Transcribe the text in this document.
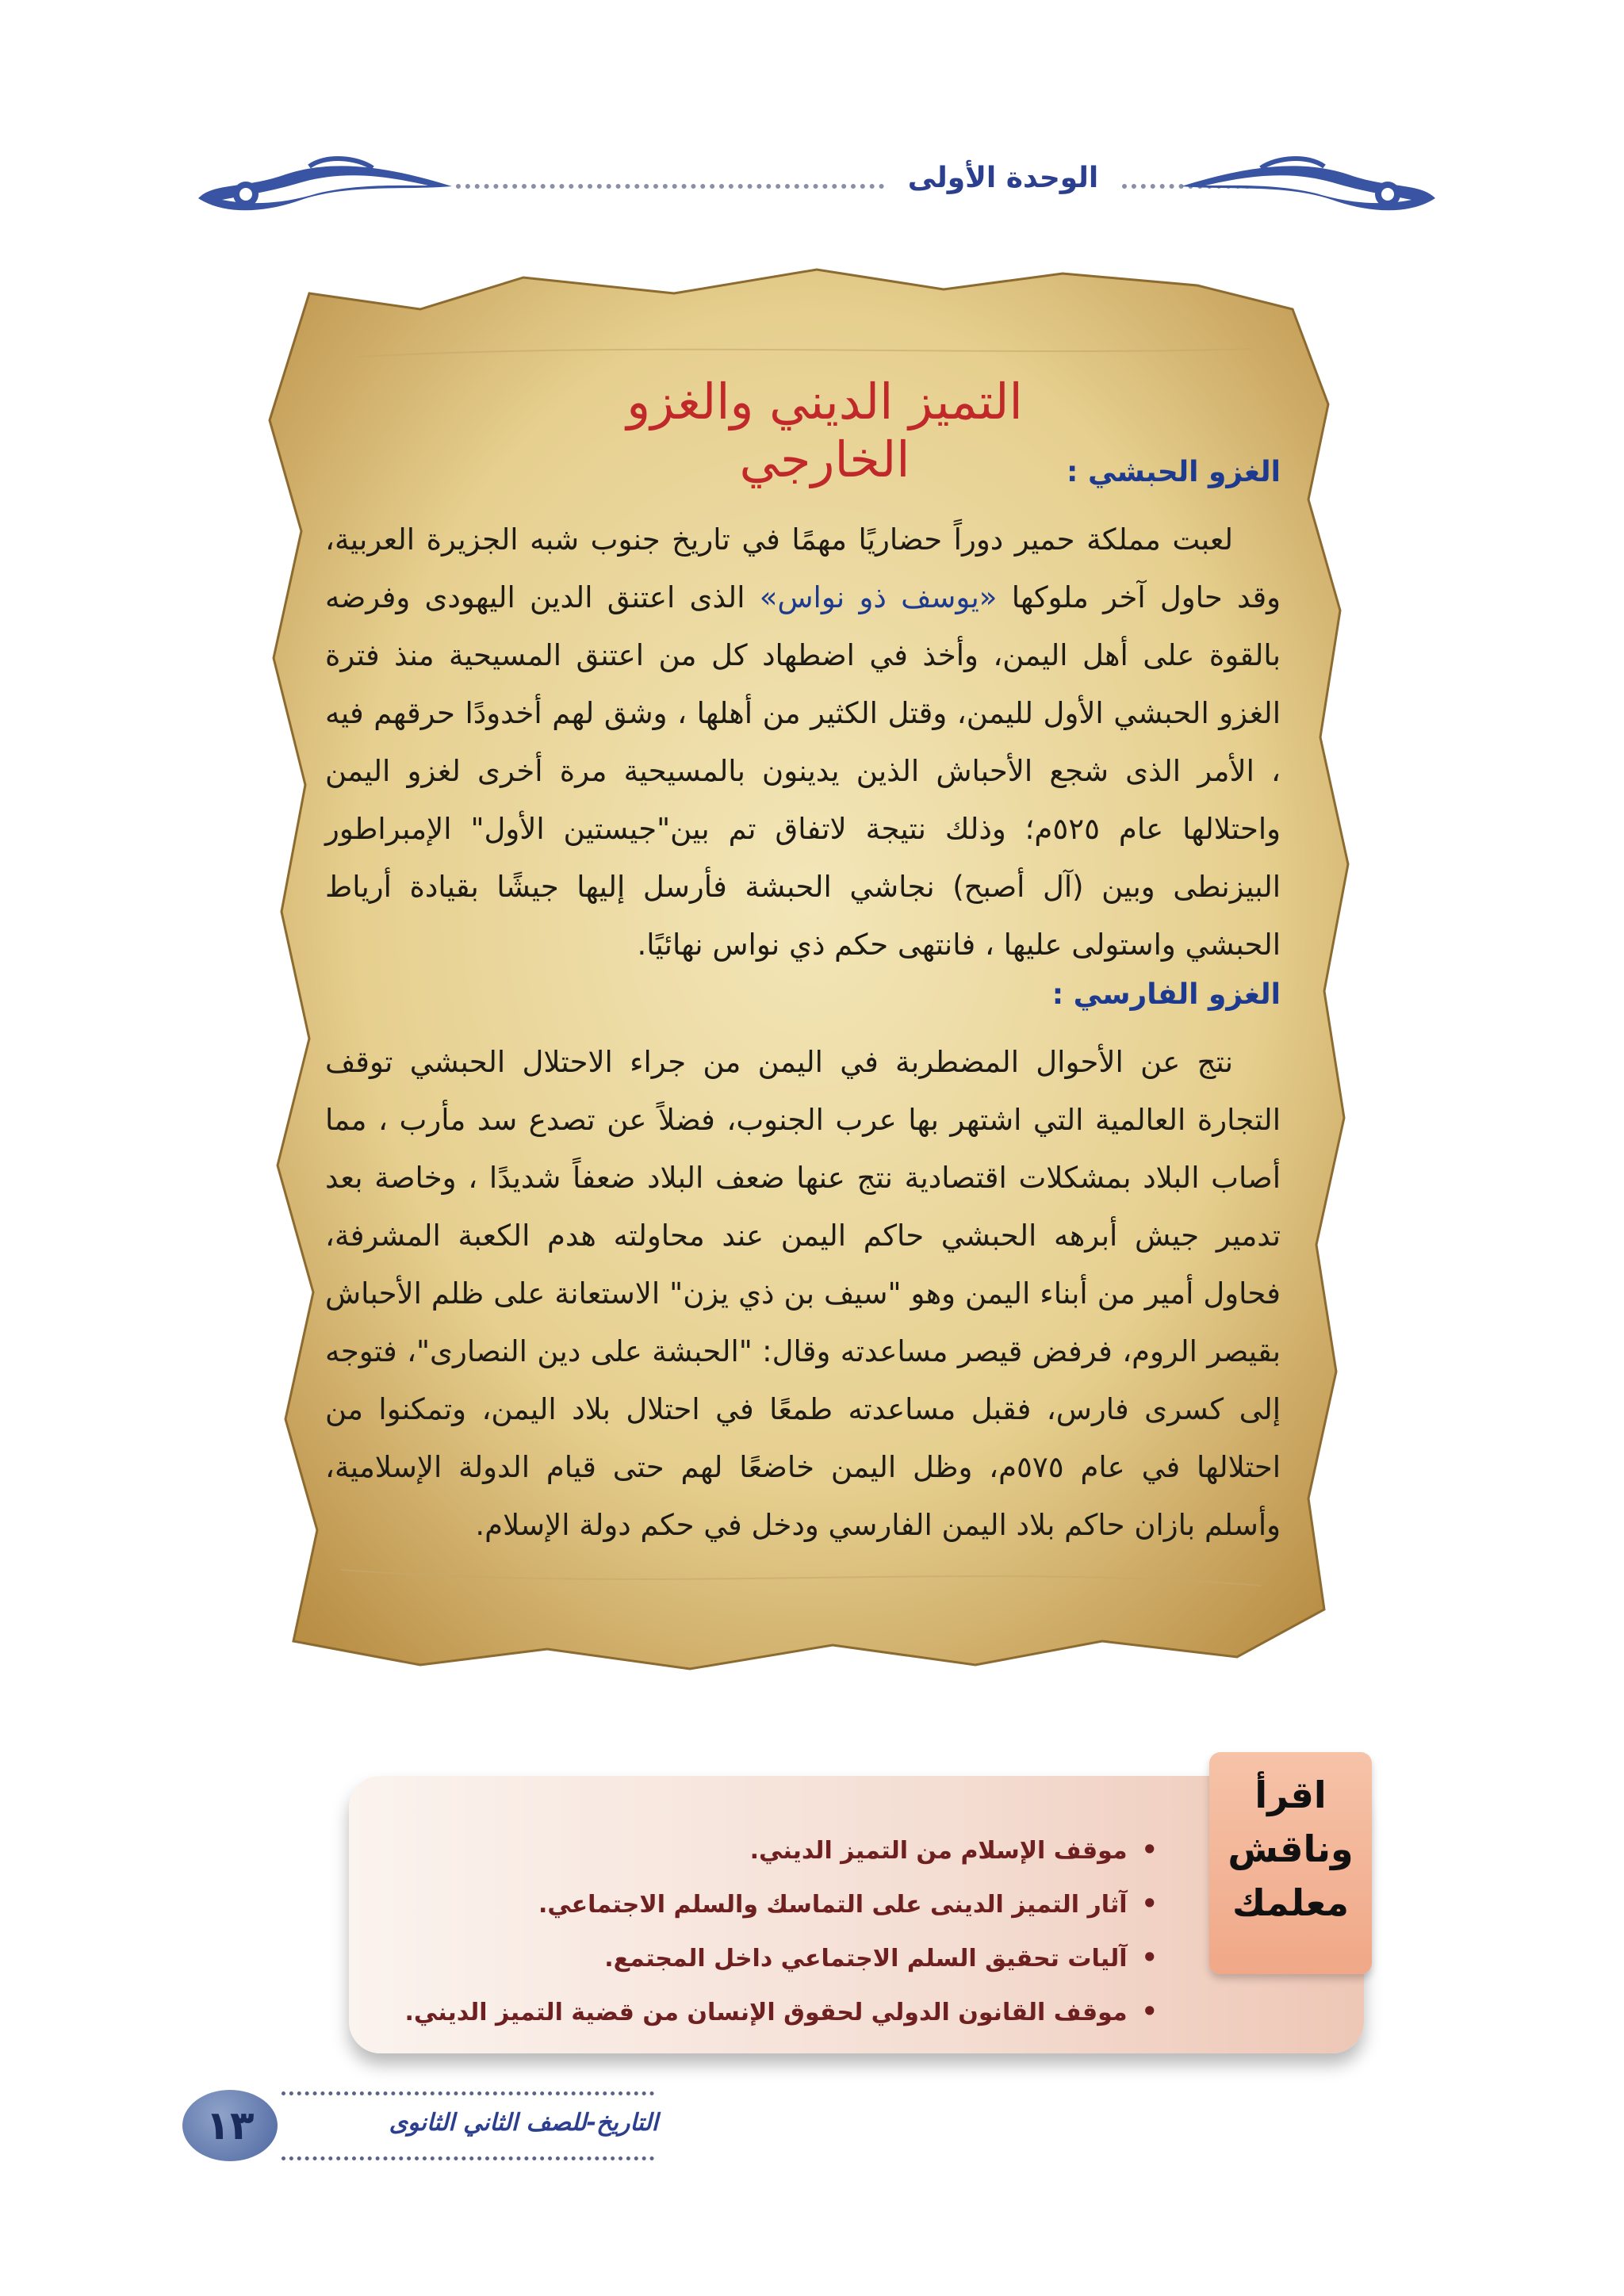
الوحدة الأولى
التميز الديني والغزو الخارجي	الغزو الحبشي :

لعبت مملكة حمير دوراً حضاريًا مهمًا في تاريخ جنوب شبه الجزيرة العربية، وقد حاول آخر ملوكها «يوسف ذو نواس» الذى اعتنق الدين اليهودى وفرضه بالقوة على أهل اليمن، وأخذ في اضطهاد كل من اعتنق المسيحية منذ فترة الغزو الحبشي الأول لليمن، وقتل الكثير من أهلها ، وشق لهم أخدودًا حرقهم فيه ، الأمر الذى شجع الأحباش الذين يدينون بالمسيحية مرة أخرى لغزو اليمن واحتلالها عام ٥٢٥م؛ وذلك نتيجة لاتفاق تم بين"جيستين الأول" الإمبراطور البيزنطى وبين (آل أصبح) نجاشي الحبشة فأرسل إليها جيشًا بقيادة أرياط الحبشي واستولى عليها ، فانتهى حكم ذي نواس نهائيًا.

الغزو الفارسي :

نتج عن الأحوال المضطربة في اليمن من جراء الاحتلال الحبشي توقف التجارة العالمية التي اشتهر بها عرب الجنوب، فضلاً عن تصدع سد مأرب ، مما أصاب البلاد بمشكلات اقتصادية نتج عنها ضعف البلاد ضعفاً شديدًا ، وخاصة بعد تدمير جيش أبرهه الحبشي حاكم اليمن عند محاولته هدم الكعبة المشرفة، فحاول أمير من أبناء اليمن وهو "سيف بن ذي يزن" الاستعانة على ظلم الأحباش بقيصر الروم، فرفض قيصر مساعدته وقال: "الحبشة على دين النصارى"، فتوجه إلى كسرى فارس، فقبل مساعدته طمعًا في احتلال بلاد اليمن، وتمكنوا من احتلالها في عام ٥٧٥م، وظل اليمن خاضعًا لهم حتى قيام الدولة الإسلامية، وأسلم بازان حاكم بلاد اليمن الفارسي ودخل في حكم دولة الإسلام.

اقرأ
وناقش
معلمك
• موقف الإسلام من التميز الديني.
• آثار التميز الدينى على التماسك والسلم الاجتماعي.
• آليات تحقيق السلم الاجتماعي داخل المجتمع.
• موقف القانون الدولي لحقوق الإنسان من قضية التميز الديني.
١٣	التاريخ-للصف الثاني الثانوى
